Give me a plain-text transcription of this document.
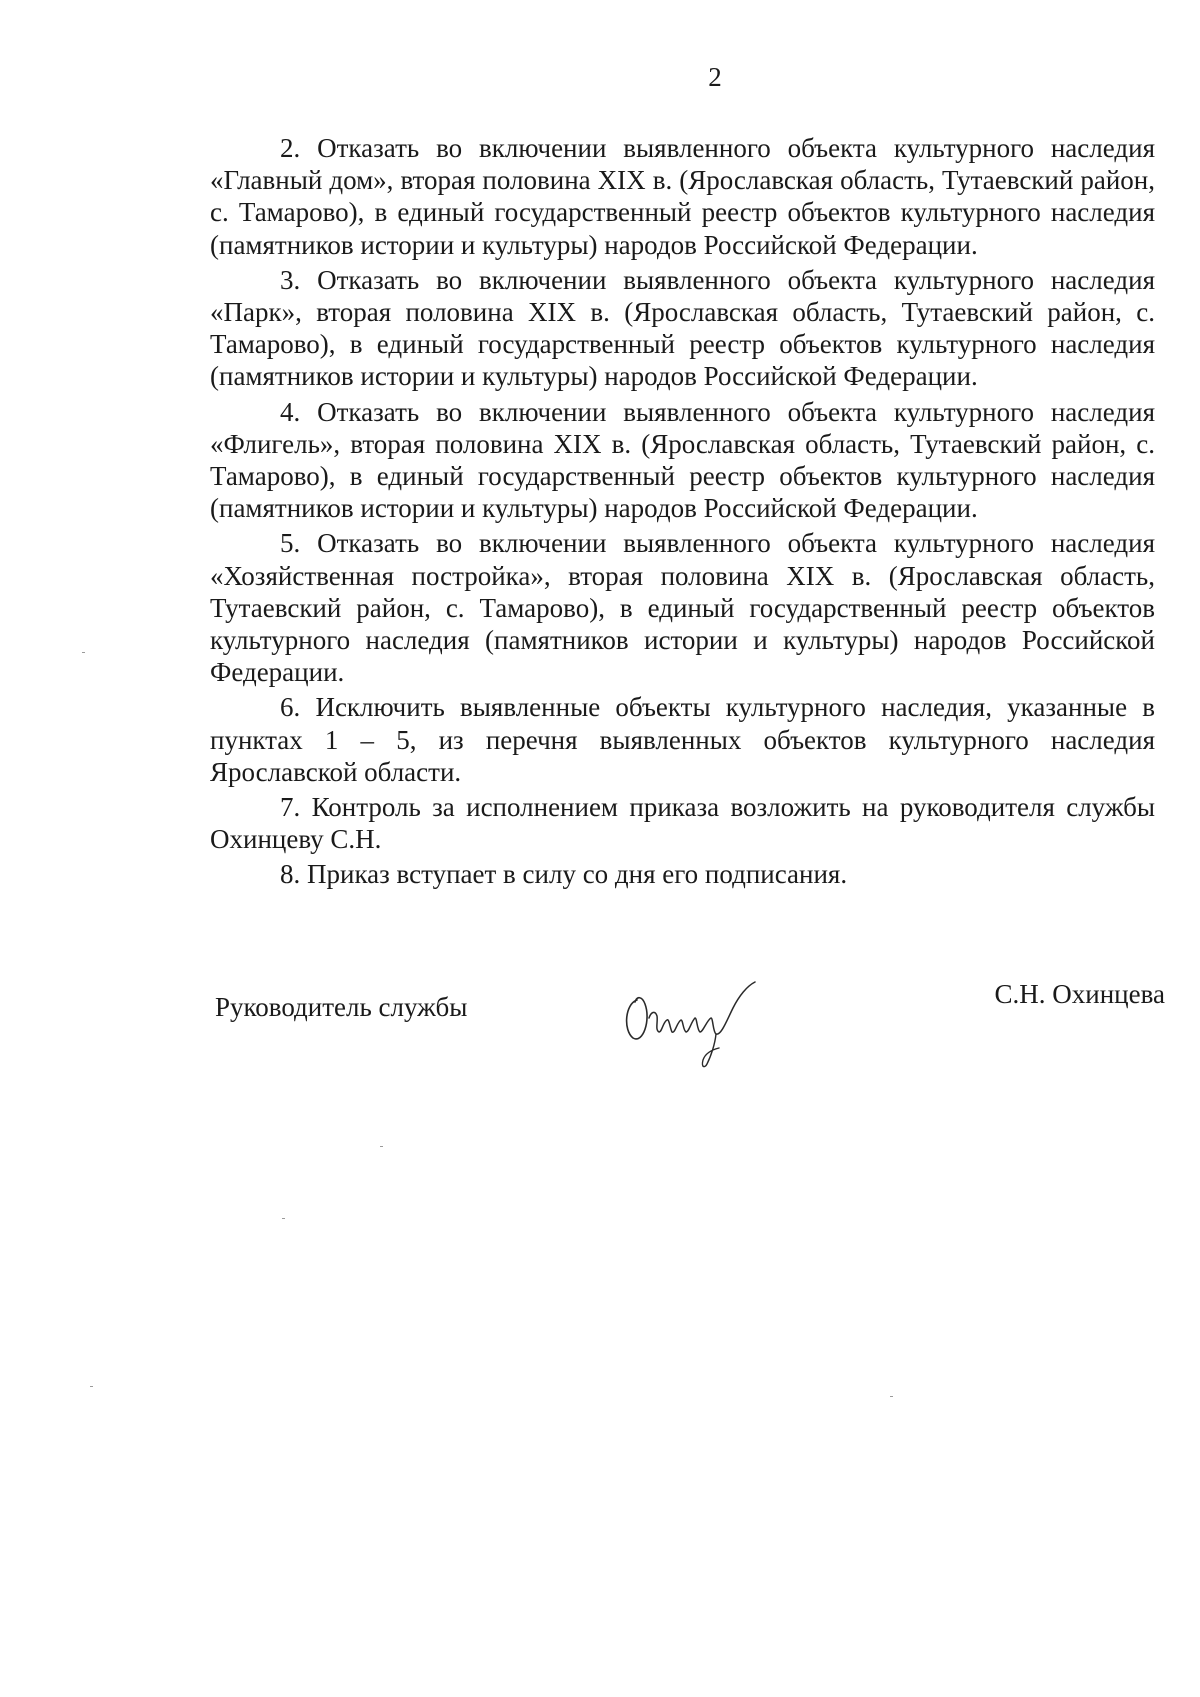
2

2. Отказать во включении выявленного объекта культурного наследия «Главный дом», вторая половина XIX в. (Ярославская область, Тутаевский район, с. Тамарово), в единый государственный реестр объектов культурного наследия (памятников истории и культуры) народов Российской Федерации.

3. Отказать во включении выявленного объекта культурного наследия «Парк», вторая половина XIX в. (Ярославская область, Тутаевский район, с. Тамарово), в единый государственный реестр объектов культурного наследия (памятников истории и культуры) народов Российской Федерации.

4. Отказать во включении выявленного объекта культурного наследия «Флигель», вторая половина XIX в. (Ярославская область, Тутаевский район, с. Тамарово), в единый государственный реестр объектов культурного наследия (памятников истории и культуры) народов Российской Федерации.

5. Отказать во включении выявленного объекта культурного наследия «Хозяйственная постройка», вторая половина XIX в. (Ярославская область, Тутаевский район, с. Тамарово), в единый государственный реестр объектов культурного наследия (памятников истории и культуры) народов Российской Федерации.

6. Исключить выявленные объекты культурного наследия, указанные в пунктах 1 – 5, из перечня выявленных объектов культурного наследия Ярославской области.

7. Контроль за исполнением приказа возложить на руководителя службы Охинцеву С.Н.

8. Приказ вступает в силу со дня его подписания.

Руководитель службы	С.Н. Охинцева
